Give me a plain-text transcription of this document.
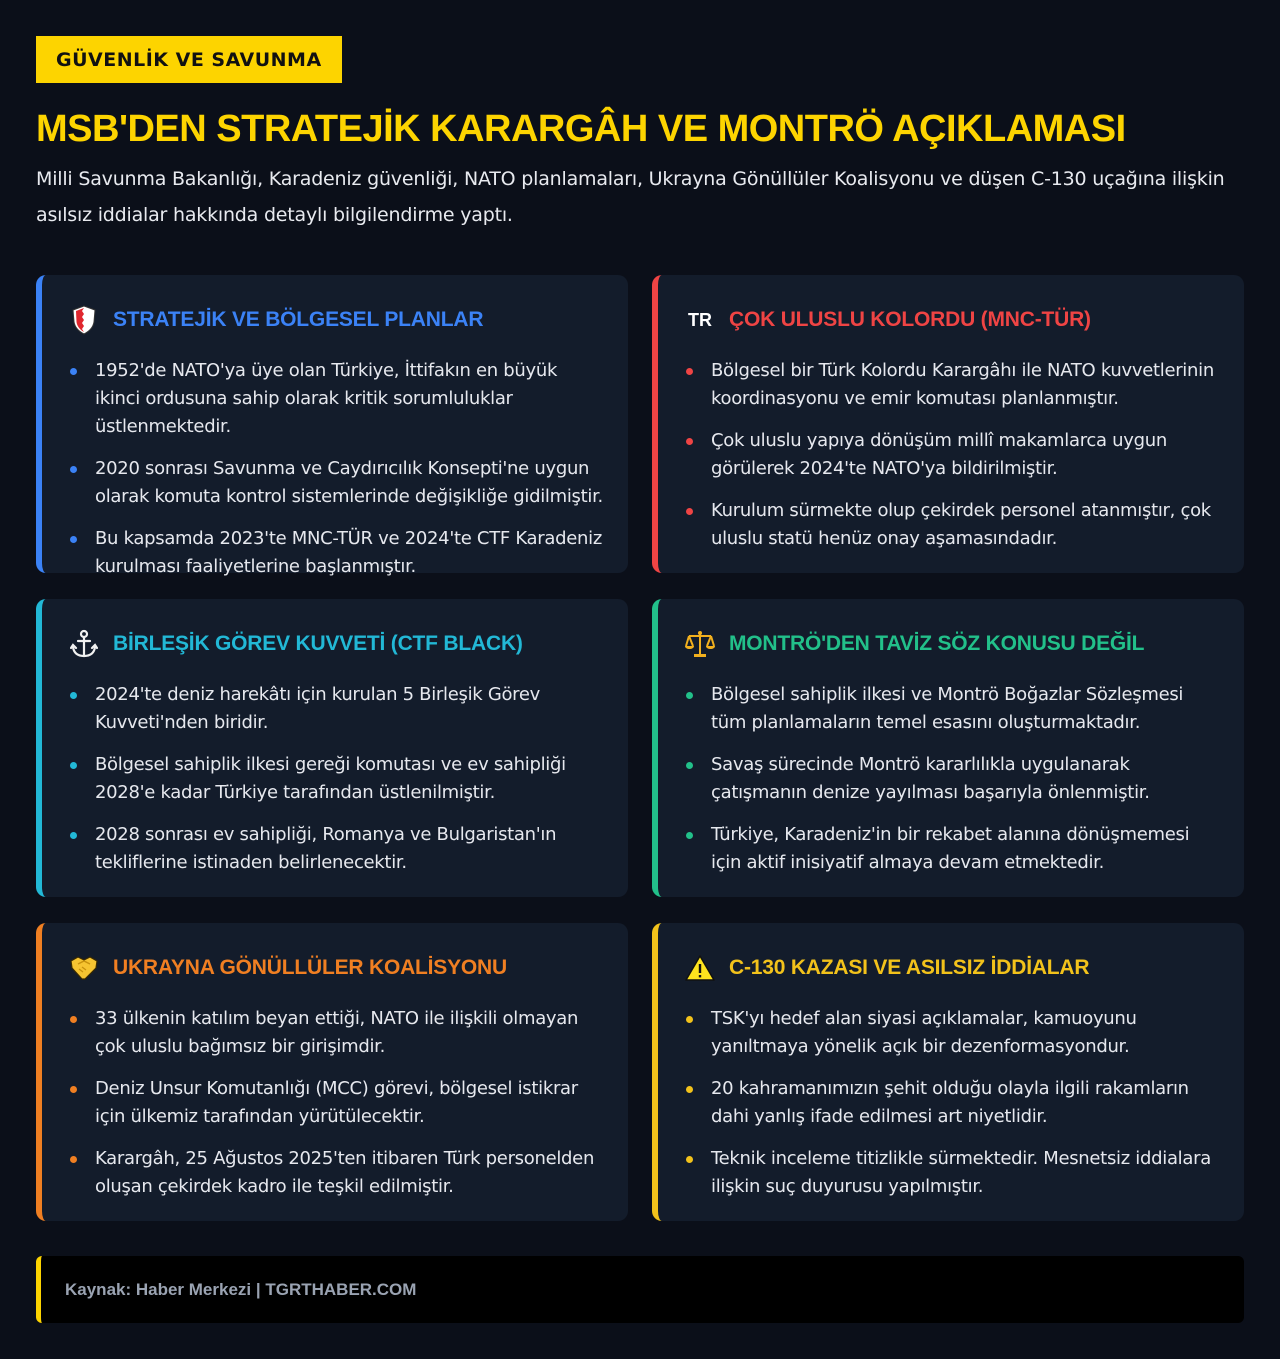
GÜVENLİK VE SAVUNMA
MSB'DEN STRATEJİK KARARGÂH VE MONTRÖ AÇIKLAMASI

Milli Savunma Bakanlığı, Karadeniz güvenliği, NATO planlamaları, Ukrayna Gönüllüler Koalisyonu ve düşen C-130 uçağına ilişkin asılsız iddialar hakkında detaylı bilgilendirme yaptı.

STRATEJİK VE BÖLGESEL PLANLAR
1952'de NATO'ya üye olan Türkiye, İttifakın en büyük ikinci ordusuna sahip olarak kritik sorumluluklar üstlenmektedir.
2020 sonrası Savunma ve Caydırıcılık Konsepti'ne uygun olarak komuta kontrol sistemlerinde değişikliğe gidilmiştir.
Bu kapsamda 2023'te MNC-TÜR ve 2024'te CTF Karadeniz kurulması faaliyetlerine başlanmıştır.
TR ÇOK ULUSLU KOLORDU (MNC-TÜR)
Bölgesel bir Türk Kolordu Karargâhı ile NATO kuvvetlerinin koordinasyonu ve emir komutası planlanmıştır.
Çok uluslu yapıya dönüşüm millî makamlarca uygun görülerek 2024'te NATO'ya bildirilmiştir.
Kurulum sürmekte olup çekirdek personel atanmıştır, çok uluslu statü henüz onay aşamasındadır.
BİRLEŞİK GÖREV KUVVETİ (CTF BLACK)
2024'te deniz harekâtı için kurulan 5 Birleşik Görev Kuvveti'nden biridir.
Bölgesel sahiplik ilkesi gereği komutası ve ev sahipliği 2028'e kadar Türkiye tarafından üstlenilmiştir.
2028 sonrası ev sahipliği, Romanya ve Bulgaristan'ın tekliflerine istinaden belirlenecektir.
MONTRÖ'DEN TAVİZ SÖZ KONUSU DEĞİL
Bölgesel sahiplik ilkesi ve Montrö Boğazlar Sözleşmesi tüm planlamaların temel esasını oluşturmaktadır.
Savaş sürecinde Montrö kararlılıkla uygulanarak çatışmanın denize yayılması başarıyla önlenmiştir.
Türkiye, Karadeniz'in bir rekabet alanına dönüşmemesi için aktif inisiyatif almaya devam etmektedir.
UKRAYNA GÖNÜLLÜLER KOALİSYONU
33 ülkenin katılım beyan ettiği, NATO ile ilişkili olmayan çok uluslu bağımsız bir girişimdir.
Deniz Unsur Komutanlığı (MCC) görevi, bölgesel istikrar için ülkemiz tarafından yürütülecektir.
Karargâh, 25 Ağustos 2025'ten itibaren Türk personelden oluşan çekirdek kadro ile teşkil edilmiştir.
C-130 KAZASI VE ASILSIZ İDDİALAR
TSK'yı hedef alan siyasi açıklamalar, kamuoyunu yanıltmaya yönelik açık bir dezenformasyondur.
20 kahramanımızın şehit olduğu olayla ilgili rakamların dahi yanlış ifade edilmesi art niyetlidir.
Teknik inceleme titizlikle sürmektedir. Mesnetsiz iddialara ilişkin suç duyurusu yapılmıştır.
Kaynak: Haber Merkezi | TGRTHABER.COM
